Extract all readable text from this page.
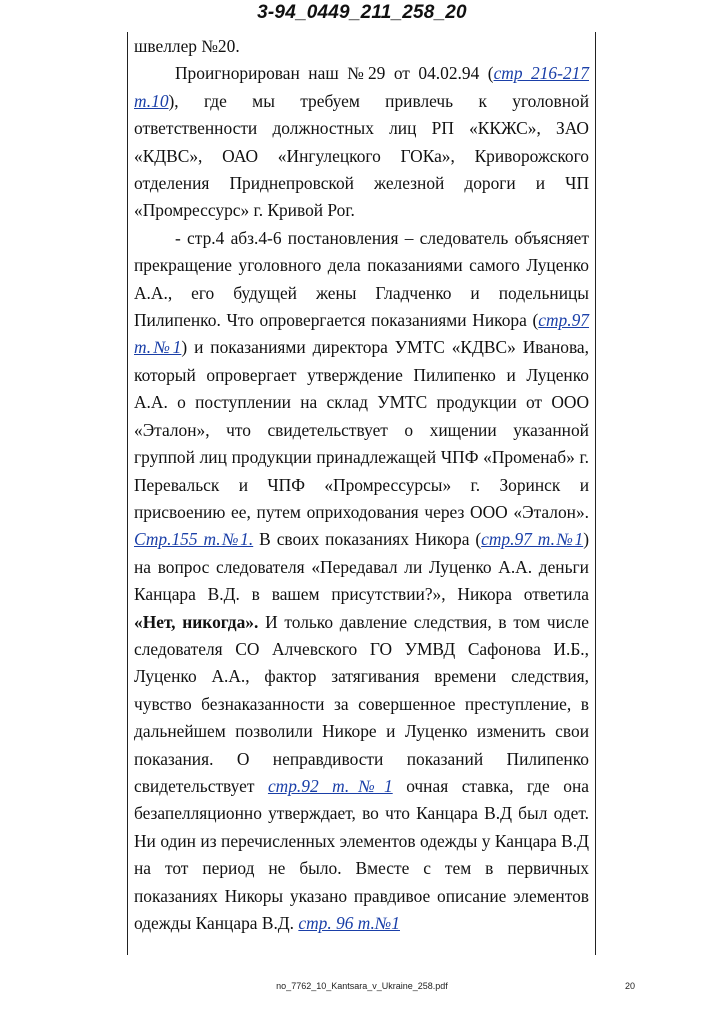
3-94_0449_211_258_20

швеллер №20.

Проигнорирован наш №29 от 04.02.94 (стр 216-217 т.10), где мы требуем привлечь к уголовной ответственности должностных лиц РП «ККЖС», ЗАО «КДВС», ОАО «Ингулецкого ГОКа», Криворожского отделения Приднепровской железной дороги и ЧП «Промрессурс» г. Кривой Рог.

- стр.4 абз.4-6 постановления – следователь объясняет прекращение уголовного дела показаниями самого Луценко А.А., его будущей жены Гладченко и подельницы Пилипенко. Что опровергается показаниями Никора (стр.97 т.№1) и показаниями директора УМТС «КДВС» Иванова, который опровергает утверждение Пилипенко и Луценко А.А. о поступлении на склад УМТС продукции от ООО «Эталон», что свидетельствует о хищении указанной группой лиц продукции принадлежащей ЧПФ «Променаб» г. Перевальск и ЧПФ «Промрессурсы» г. Зоринск и присвоению ее, путем оприходования через ООО «Эталон». Стр.155 т.№1. В своих показаниях Никора (стр.97 т.№1) на вопрос следователя «Передавал ли Луценко А.А. деньги Канцара В.Д. в вашем присутствии?», Никора ответила «Нет, никогда». И только давление следствия, в том числе следователя СО Алчевского ГО УМВД Сафонова И.Б., Луценко А.А., фактор затягивания времени следствия, чувство безнаказанности за совершенное преступление, в дальнейшем позволили Никоре и Луценко изменить свои показания. О неправдивости показаний Пилипенко свидетельствует стр.92 т.№1 очная ставка, где она безапелляционно утверждает, во что Канцара В.Д был одет. Ни один из перечисленных элементов одежды у Канцара В.Д на тот период не было. Вместе с тем в первичных показаниях Никоры указано правдивое описание элементов одежды Канцара В.Д. стр. 96 т.№1

no_7762_10_Kantsara_v_Ukraine_258.pdf	20
